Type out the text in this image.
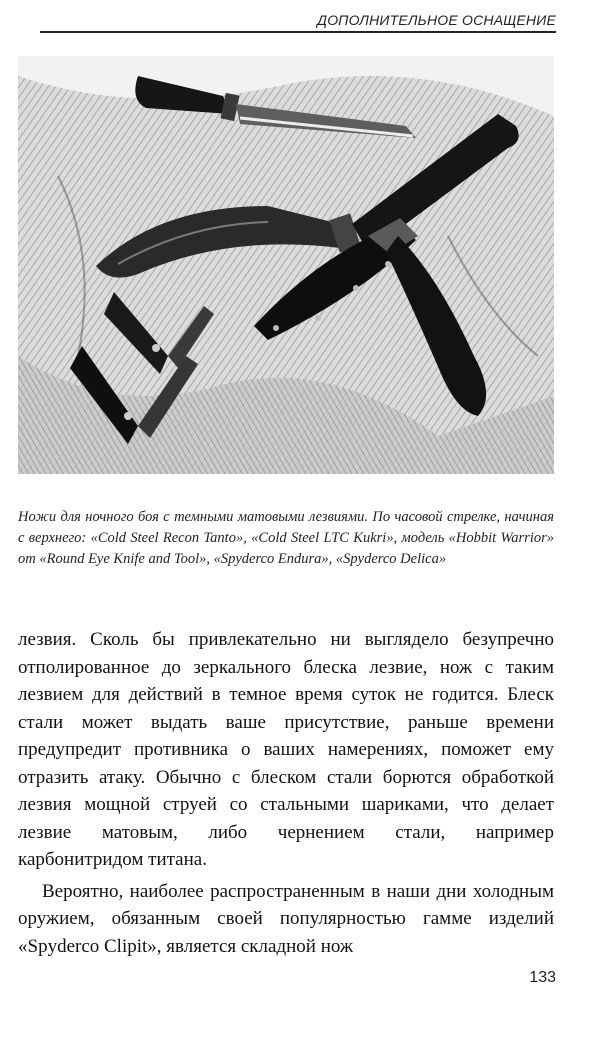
ДОПОЛНИТЕЛЬНОЕ ОСНАЩЕНИЕ
Ножи для ночного боя с темными матовыми лезвиями. По часовой стрелке, начиная с верхнего: «Cold Steel Recon Tanto», «Cold Steel LTC Kukri», модель «Hobbit Warrior» от «Round Eye Knife and Tool», «Spyderco Endura», «Spyderco Delica»

лезвия. Сколь бы привлекательно ни выглядело безупречно отполированное до зеркального блеска лезвие, нож с таким лезвием для действий в темное время суток не годится. Блеск стали может выдать ваше присутствие, раньше времени предупредит противника о ваших намерениях, поможет ему отразить атаку. Обычно с блеском стали борются обработкой лезвия мощной струей со стальными шариками, что делает лезвие матовым, либо чернением стали, например карбонитридом титана.

Вероятно, наиболее распространенным в наши дни холодным оружием, обязанным своей популярностью гамме изделий «Spyderco Clipit», является складной нож

133
